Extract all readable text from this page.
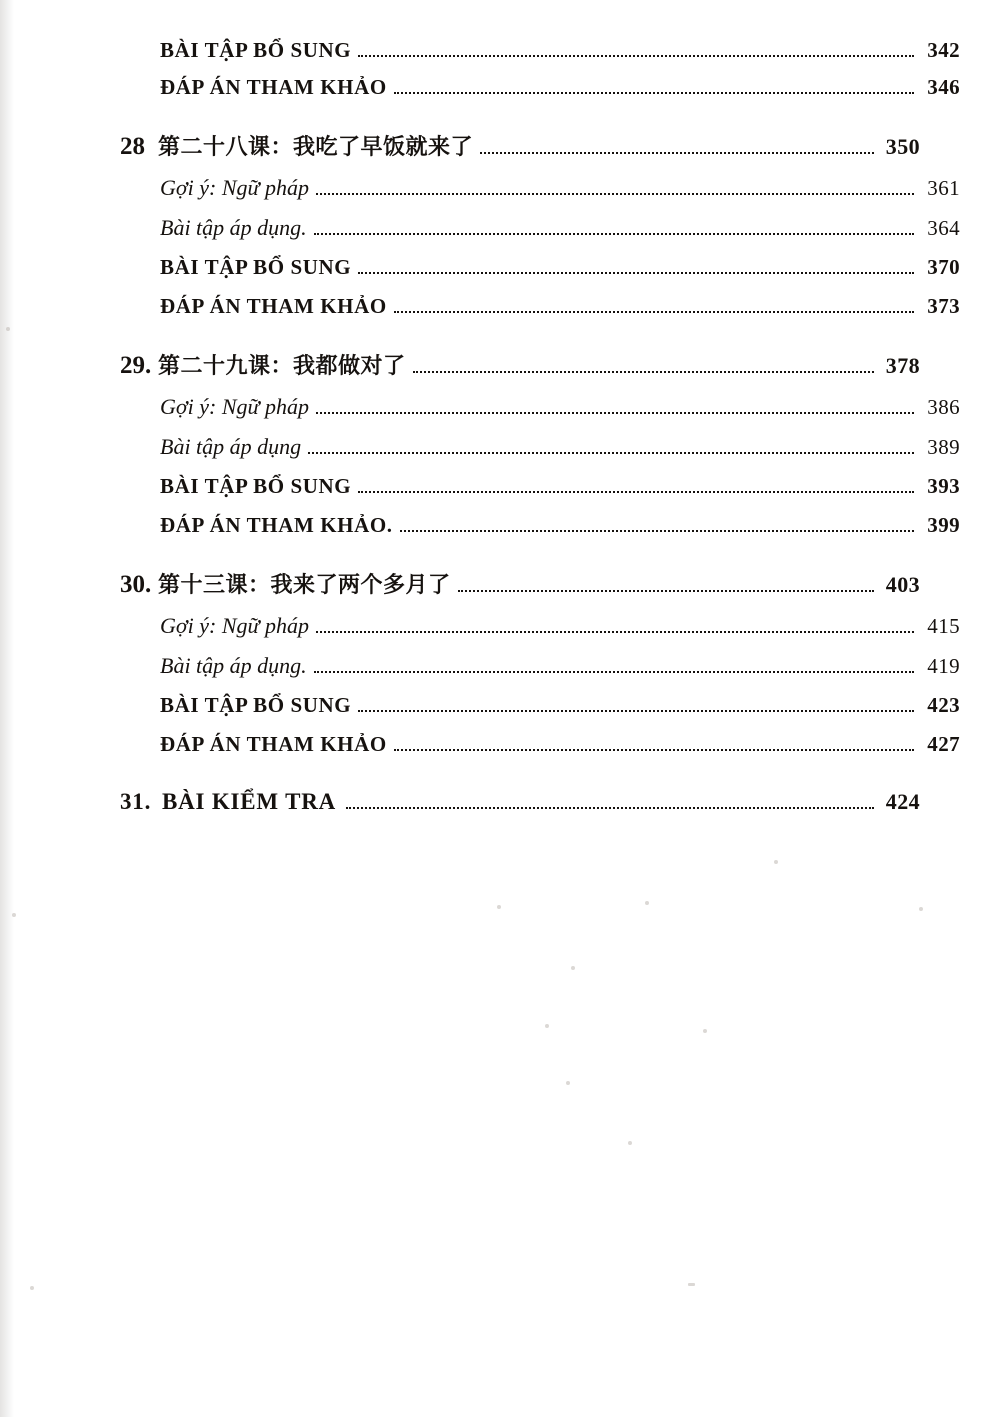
BÀI TẬP BỔ SUNG	342
ĐÁP ÁN THAM KHẢO	346
28 第二十八课：我吃了早饭就来了	350
Gợi ý: Ngữ pháp	361
Bài tập áp dụng.	364
BÀI TẬP BỔ SUNG	370
ĐÁP ÁN THAM KHẢO	373
29. 第二十九课：我都做对了	378
Gợi ý: Ngữ pháp	386
Bài tập áp dụng	389
BÀI TẬP BỔ SUNG	393
ĐÁP ÁN THAM KHẢO.	399
30. 第十三课：我来了两个多月了	403
Gợi ý: Ngữ pháp	415
Bài tập áp dụng.	419
BÀI TẬP BỔ SUNG	423
ĐÁP ÁN THAM KHẢO	427
31. BÀI KIỂM TRA	424
